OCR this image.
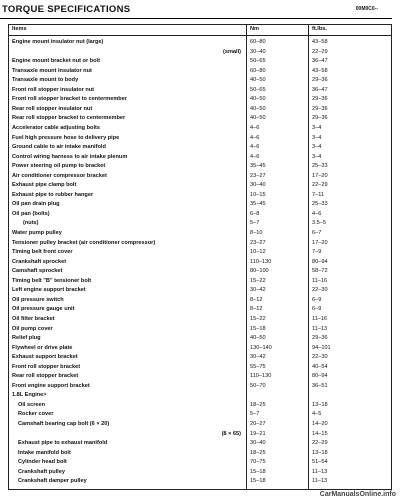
TORQUE SPECIFICATIONS	00M0C0--
Items	Nm	ft.lbs.
Engine mount insulator nut (large)	60–80	43–58
(small) 30–40	22–29
Engine mount bracket nut or bolt	50–65	36–47
Transaxle mount insulator nut	60–80	43–58
Transaxle mount to body	40–50	29–36
Front roll stopper insulator nut	50–65	36–47
Front roll stopper bracket to centermember	40–50	29–36
Rear roll stopper insulator nut	40–50	29–36
Rear roll stopper bracket to centermember	40–50	29–36
Accelerator cable adjusting bolts	4–6	3–4
Fuel high pressure hose to delivery pipe	4–6	3–4
Ground cable to air intake manifold	4–6	3–4
Control wiring harness to air intake plenum	4–6	3–4
Power steering oil pump to bracket	35–45	25–33
Air conditioner compressor bracket	23–27	17–20
Exhaust pipe clamp bolt	30–40	22–29
Exhaust pipe to rubber hanger	10–15	7–11
Oil pan drain plug	35–45	25–33
Oil pan (bolts)	6–8	4–6
(nuts)	5–7	3.5–5
Water pump pulley	8–10	6–7
Tensioner pulley bracket (air conditioner compressor)	23–27	17–20
Timing belt front cover	10–12	7–9
Crankshaft sprocket	110–130	80–94
Camshaft sprocket	80–100	58–72
Timing belt "B" tensioner bolt	15–22	11–16
Left engine support bracket	30–42	22–30
Oil pressure switch	8–12	6–9
Oil pressure gauge unit	8–12	6–9
Oil filter bracket	15–22	11–16
Oil pump cover	15–18	11–13
Relief plug	40–50	29–36
Flywheel or drive plate	130–140	94–101
Exhaust support bracket	30–42	22–30
Front roll stopper bracket	55–75	40–54
Rear roll stopper bracket	110–130	80–94
Front engine support bracket	50–70	36–51
1.8L Engine>
Oil screen	18–25	13–18
Rocker cover	5–7	4–5
Camshaft bearing cap bolt (6 × 20)	20–27	14–20
(8 × 65) 19–21	14–15
Exhaust pipe to exhaust manifold	30–40	22–29
Intake manifold bolt	18–25	13–18
Cylinder head bolt	70–75	51–54
Crankshaft pulley	15–18	11–13
Crankshaft damper pulley	15–18	11–13
CarManualsOnline.info
